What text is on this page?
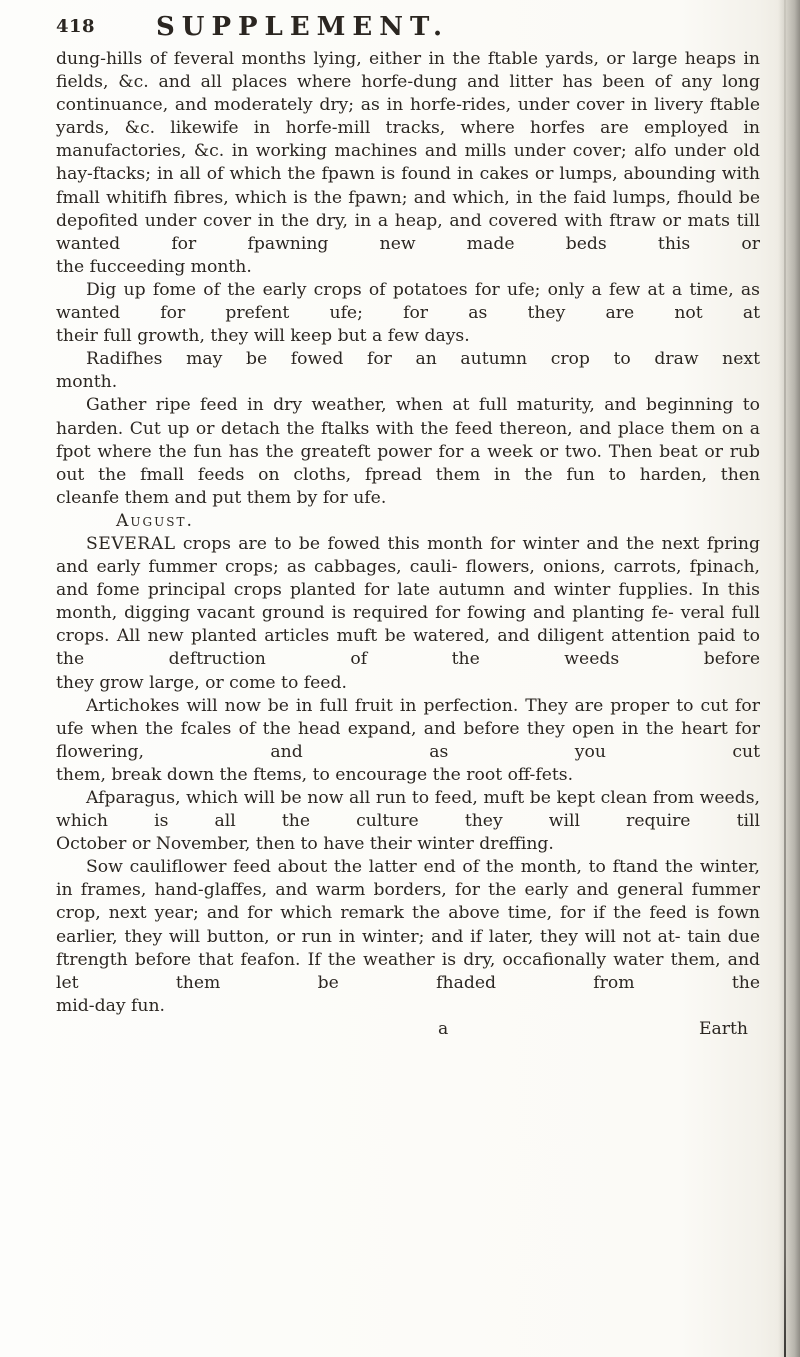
418 SUPPLEMENT.

dung-hills of feveral months lying, either in the ftable yards, or large heaps in fields, &c. and all places where horfe-dung and litter has been of any long continuance, and moderately dry; as in horfe-rides, under cover in livery ftable yards, &c. likewife in horfe-mill tracks, where horfes are employed in manufactories, &c. in working machines and mills under cover; alfo under old hay-ftacks; in all of which the fpawn is found in cakes or lumps, abounding with fmall whitifh fibres, which is the fpawn; and which, in the faid lumps, fhould be depofited under cover in the dry, in a heap, and covered with ftraw or mats till wanted for fpawning new made beds this or

the fucceeding month.

Dig up fome of the early crops of potatoes for ufe; only a few at a time, as wanted for prefent ufe; for as they are not at

their full growth, they will keep but a few days.

Radifhes may be fowed for an autumn crop to draw next

month.

Gather ripe feed in dry weather, when at full maturity, and beginning to harden. Cut up or detach the ftalks with the feed thereon, and place them on a fpot where the fun has the greateft power for a week or two. Then beat or rub out the fmall feeds on cloths, fpread them in the fun to harden, then

cleanfe them and put them by for ufe.

August.

SEVERAL crops are to be fowed this month for winter and the next fpring and early fummer crops; as cabbages, cauli- flowers, onions, carrots, fpinach, and fome principal crops planted for late autumn and winter fupplies. In this month, digging vacant ground is required for fowing and planting fe- veral full crops. All new planted articles muft be watered, and diligent attention paid to the deftruction of the weeds before

they grow large, or come to feed.

Artichokes will now be in full fruit in perfection. They are proper to cut for ufe when the fcales of the head expand, and before they open in the heart for flowering, and as you cut

them, break down the ftems, to encourage the root off-fets.

Afparagus, which will be now all run to feed, muft be kept clean from weeds, which is all the culture they will require till

October or November, then to have their winter dreffing.

Sow cauliflower feed about the latter end of the month, to ftand the winter, in frames, hand-glaffes, and warm borders, for the early and general fummer crop, next year; and for which remark the above time, for if the feed is fown earlier, they will button, or run in winter; and if later, they will not at- tain due ftrength before that feafon. If the weather is dry, occafionally water them, and let them be fhaded from the

mid-day fun.

a	Earth
